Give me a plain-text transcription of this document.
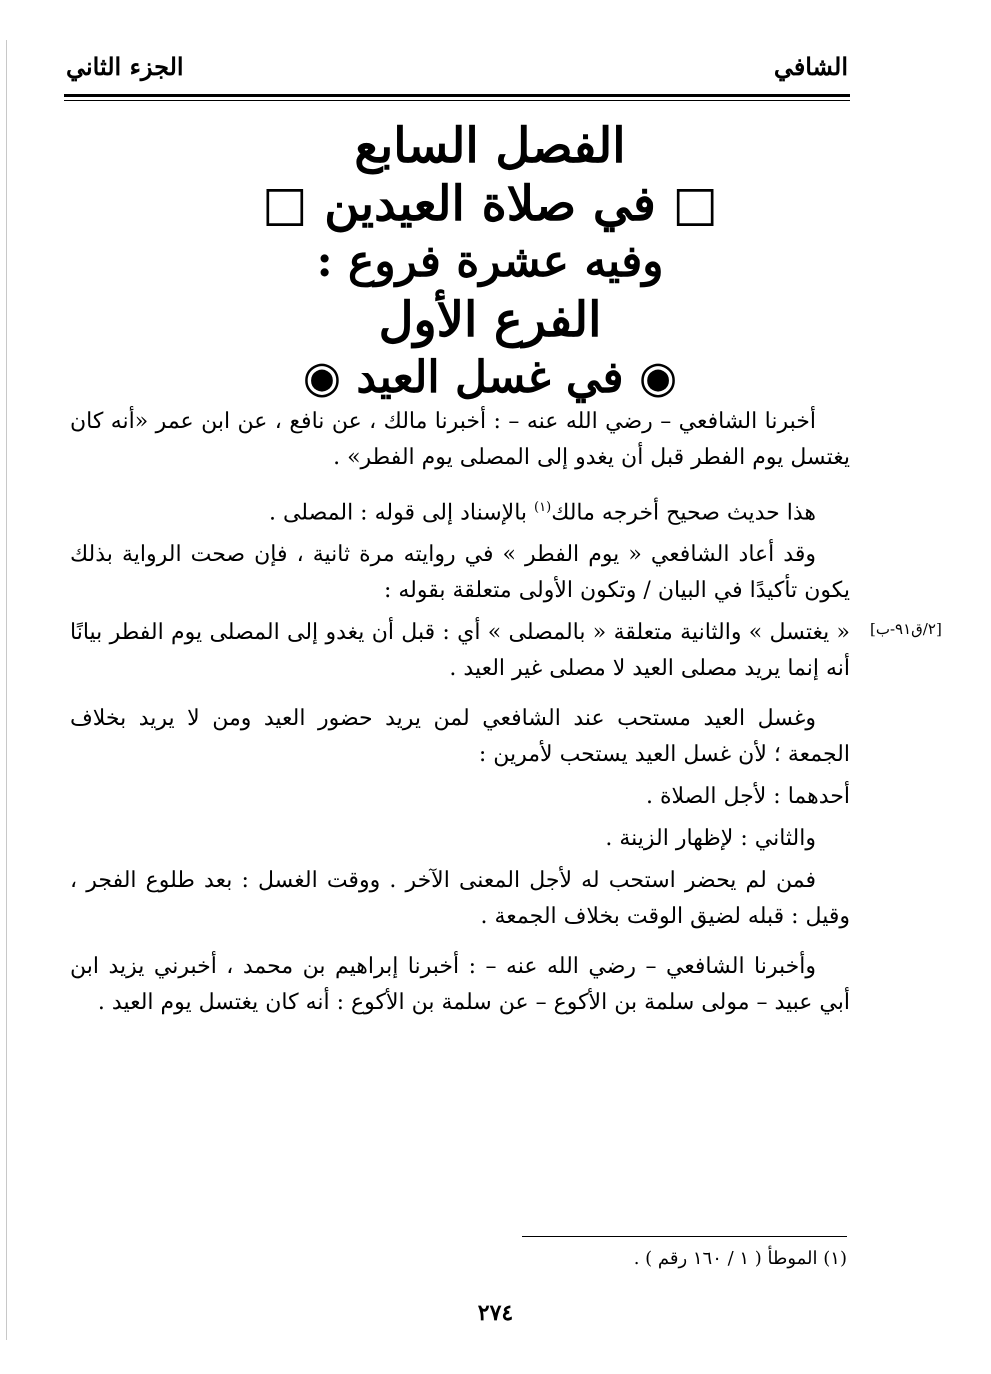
الشافي
الجزء الثاني
الفصل السابع
□ في صلاة العيدين □
وفيه عشرة فروع :
الفرع الأول
◉ في غسل العيد ◉

أخبرنا الشافعي – رضي الله عنه – : أخبرنا مالك ، عن نافع ، عن ابن عمر «أنه كان يغتسل يوم الفطر قبل أن يغدو إلى المصلى يوم الفطر» .

هذا حديث صحيح أخرجه مالك$^{(١)}$ بالإسناد إلى قوله : المصلى .

وقد أعاد الشافعي « يوم الفطر » في روايته مرة ثانية ، فإن صحت الرواية بذلك يكون تأكيدًا في البيان / وتكون الأولى متعلقة بقوله :

« يغتسل » والثانية متعلقة « بالمصلى » أي : قبل أن يغدو إلى المصلى يوم الفطر بيانًا أنه إنما يريد مصلى العيد لا مصلى غير العيد .

وغسل العيد مستحب عند الشافعي لمن يريد حضور العيد ومن لا يريد بخلاف الجمعة ؛ لأن غسل العيد يستحب لأمرين :

أحدهما : لأجل الصلاة .

والثاني : لإظهار الزينة .

فمن لم يحضر استحب له لأجل المعنى الآخر . ووقت الغسل : بعد طلوع الفجر ، وقيل : قبله لضيق الوقت بخلاف الجمعة .

وأخبرنا الشافعي – رضي الله عنه – : أخبرنا إبراهيم بن محمد ، أخبرني يزيد ابن أبي عبيد – مولى سلمة بن الأكوع – عن سلمة بن الأكوع : أنه كان يغتسل يوم العيد .

[٢/ق٩١-ب]
(١) الموطأ ( ١ / ١٦٠ رقم ) .
٢٧٤
